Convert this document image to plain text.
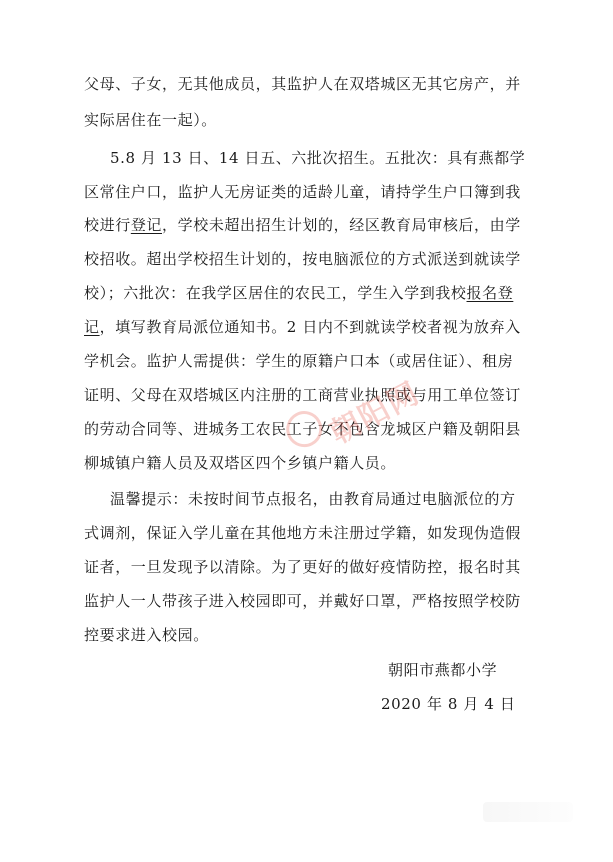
父母、子女，无其他成员，其监护人在双塔城区无其它房产，并
实际居住在一起）。
5.8 月 13 日、14 日五、六批次招生。五批次：具有燕都学
区常住户口，监护人无房证类的适龄儿童，请持学生户口簿到我
校进行登记，学校未超出招生计划的，经区教育局审核后，由学
校招收。超出学校招生计划的，按电脑派位的方式派送到就读学
校）；六批次：在我学区居住的农民工，学生入学到我校报名登
记，填写教育局派位通知书。2 日内不到就读学校者视为放弃入
学机会。监护人需提供：学生的原籍户口本（或居住证）、租房
证明、父母在双塔城区内注册的工商营业执照或与用工单位签订
的劳动合同等、进城务工农民工子女不包含龙城区户籍及朝阳县
柳城镇户籍人员及双塔区四个乡镇户籍人员。
温馨提示：未按时间节点报名，由教育局通过电脑派位的方
式调剂，保证入学儿童在其他地方未注册过学籍，如发现伪造假
证者，一旦发现予以清除。为了更好的做好疫情防控，报名时其
监护人一人带孩子进入校园即可，并戴好口罩，严格按照学校防
控要求进入校园。
朝阳市燕都小学
2020 年 8 月 4 日
朝阳网
